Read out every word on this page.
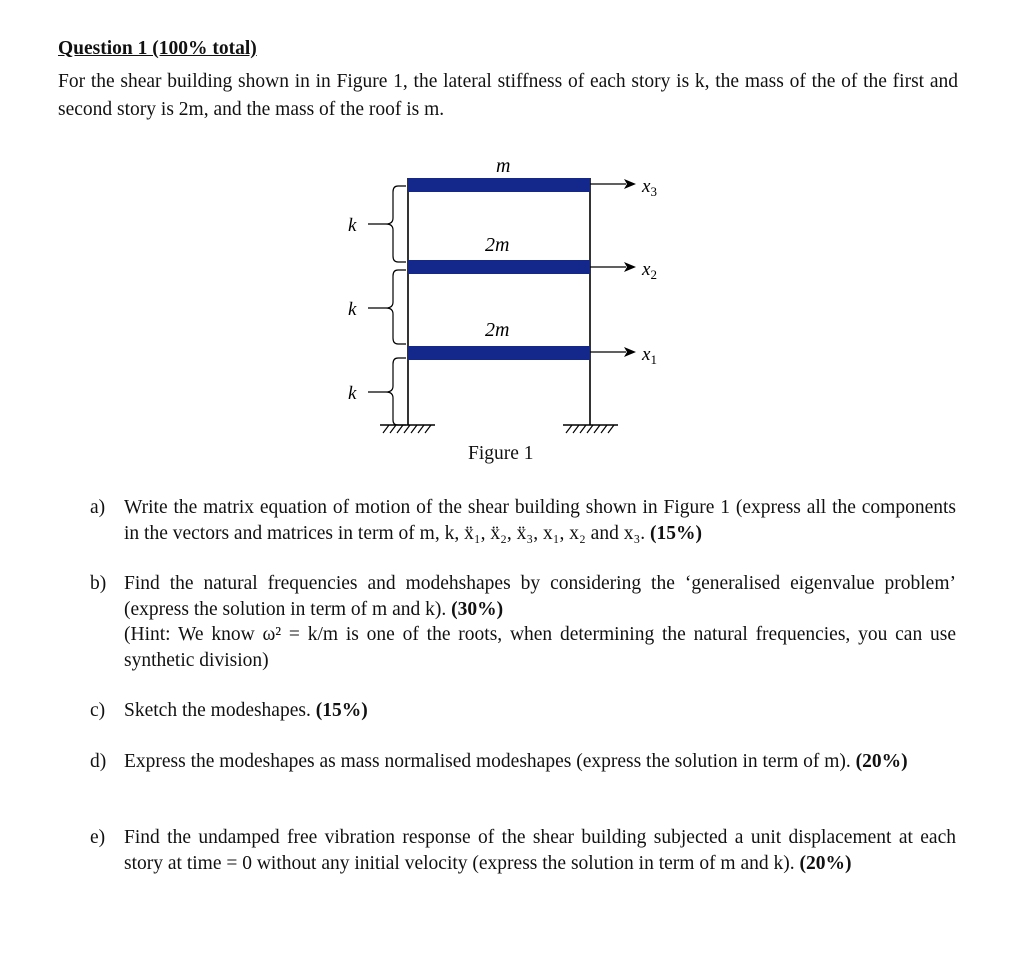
Question 1 (100% total)

For the shear building shown in in Figure 1, the lateral stiffness of each story is k, the mass of the of the first and second story is 2m, and the mass of the roof is m.

k
k
k
m
2m
2m
$x_3$
$x_2$
$x_1$
Figure 1
a) Write the matrix equation of motion of the shear building shown in Figure 1 (express all the components in the vectors and matrices in term of m, k, ẍ₁, ẍ₂, ẍ₃, x₁, x₂ and x₃. (15%)
b) Find the natural frequencies and modehshapes by considering the ‘generalised eigenvalue problem’ (express the solution in term of m and k). (30%)
(Hint: We know ω² = k/m is one of the roots, when determining the natural frequencies, you can use synthetic division)
c) Sketch the modeshapes. (15%)
d) Express the modeshapes as mass normalised modeshapes (express the solution in term of m). (20%)
e) Find the undamped free vibration response of the shear building subjected a unit displacement at each story at time = 0 without any initial velocity (express the solution in term of m and k). (20%)
